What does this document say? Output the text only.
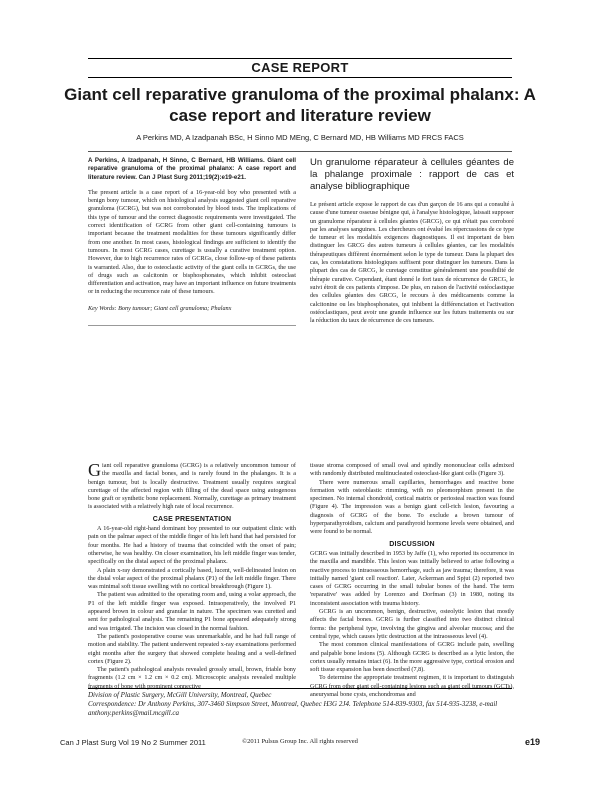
CASE REPORT
Giant cell reparative granuloma of the proximal phalanx: A case report and literature review
A Perkins MD, A Izadpanah BSc, H Sinno MD MEng, C Bernard MD, HB Williams MD FRCS FACS

A Perkins, A Izadpanah, H Sinno, C Bernard, HB Williams. Giant cell reparative granuloma of the proximal phalanx: A case report and literature review. Can J Plast Surg 2011;19(2):e19-e21.

The present article is a case report of a 16-year-old boy who presented with a benign bony tumour, which on histological analysis suggested giant cell reparative granuloma (GCRG), but was not corroborated by blood tests. The implications of this type of tumour and the correct diagnostic requirements were investigated. The correct identification of GCRG from other giant cell-containing tumours is important because the treatment modalities for these tumours significantly differ from one another. In most cases, histological findings are sufficient to identify the tumours. In most GCRG cases, curettage is usually a curative treatment option. However, due to high recurrence rates of GCRGs, close follow-up of these patients is warranted. Also, due to osteoclastic activity of the giant cells in GCRGs, the use of drugs such as calcitonin or bisphosphonates, which inhibit osteoclast differentiation and activation, may have an important influence on future treatments or in reducing the recurrence rate of these tumours.

Key Words: Bony tumour; Giant cell granuloma; Phalanx

Un granulome réparateur à cellules géantes de la phalange proximale : rapport de cas et analyse bibliographique

Le présent article expose le rapport de cas d'un garçon de 16 ans qui a consulté à cause d'une tumeur osseuse bénigne qui, à l'analyse histologique, laissait supposer un granulome réparateur à cellules géantes (GRCG), ce qui n'était pas corroboré par les analyses sanguines. Les chercheurs ont évalué les répercussions de ce type de tumeur et les modalités exigences diagnostiques. Il est important de bien distinguer les GRCG des autres tumeurs à cellules géantes, car les modalités thérapeutiques diffèrent énormément selon le type de tumeur. Dans la plupart des cas, les constatations histologiques suffisent pour distinguer les tumeurs. Dans la plupart des cas de GRCG, le curetage constitue généralement une possibilité de thérapie curative. Cependant, étant donné le fort taux de récurrence de GRCG, le suivi étroit de ces patients s'impose. De plus, en raison de l'activité ostéoclastique des cellules géantes des GRCG, le recours à des médicaments comme la calcitonine ou les bisphosphonates, qui inhibent la différenciation et l'activation ostéoclastiques, peut avoir une grande influence sur les futurs traitements ou sur la réduction du taux de récurrence de ces tumeurs.

Giant cell reparative granuloma (GCRG) is a relatively uncommon tumour of the maxilla and facial bones, and is rarely found in the phalanges. It is a benign tumour, but is locally destructive. Treatment usually requires surgical curettage of the affected region with filling of the dead space using autogenous bone graft or synthetic bone replacement. Normally, curettage as primary treatment is associated with a relatively high rate of local recurrence.

CASE PRESENTATION

A 16-year-old right-hand dominant boy presented to our outpatient clinic with pain on the palmar aspect of the middle finger of his left hand that had persisted for four months. He had a history of trauma that coincided with the onset of pain; otherwise, he was healthy. On closer examination, his left middle finger was tender, specifically on the distal aspect of the proximal phalanx.

A plain x-ray demonstrated a cortically based, lucent, well-delineated lesion on the distal volar aspect of the proximal phalanx (P1) of the left middle finger. There was minimal soft tissue swelling with no cortical breakthrough (Figure 1).

The patient was admitted to the operating room and, using a volar approach, the P1 of the left middle finger was exposed. Intraoperatively, the involved P1 appeared brown in colour and granular in nature. The specimen was curetted and sent for pathological analysis. The remaining P1 bone appeared adequately strong and was irrigated. The incision was closed in the normal fashion.

The patient's postoperative course was unremarkable, and he had full range of motion and stability. The patient underwent repeated x-ray examinations performed eight months after the surgery that showed complete healing and a well-defined cortex (Figure 2).

The patient's pathological analysis revealed grossly small, brown, friable bony fragments (1.2 cm × 1.2 cm × 0.2 cm). Microscopic analysis revealed multiple fragments of bone with prominent connective

tissue stroma composed of small oval and spindly mononuclear cells admixed with randomly distributed multinucleated osteoclast-like giant cells (Figure 3).

There were numerous small capillaries, hemorrhages and reactive bone formation with osteoblastic rimming, with no pleomorphism present in the specimen. No internal chondroid, cortical matrix or periosteal reaction was found (Figure 4). The impression was a benign giant cell-rich lesion, favouring a diagnosis of GCRG of the bone. To exclude a brown tumour of hyperparathyroidism, calcium and parathyroid hormone levels were obtained, and were found to be normal.

DISCUSSION

GCRG was initially described in 1953 by Jaffe (1), who reported its occurrence in the maxilla and mandible. This lesion was initially believed to arise following a reactive process to intraosseous hemorrhage, such as jaw trauma; therefore, it was initially named 'giant cell reaction'. Later, Ackerman and Spjut (2) reported two cases of GCRG occurring in the small tubular bones of the hand. The term 'reparative' was added by Lorenzo and Dorfman (3) in 1980, noting its inconsistent association with trauma history.

GCRG is an uncommon, benign, destructive, osteolytic lesion that mostly affects the facial bones. GCRG is further classified into two distinct clinical forms: the peripheral type, involving the gingiva and alveolar mucosa; and the central type, which causes lytic destruction at the intraosseous level (4).

The most common clinical manifestations of GCRG include pain, swelling and palpable bone lesions (5). Although GCRG is described as a lytic lesion, the cortex usually remains intact (6). In the more aggressive type, cortical erosion and soft tissue expansion has been described (7,8).

To determine the appropriate treatment regimen, it is important to distinguish GCRG from other giant cell-containing lesions such as giant cell tumours (GCTs), aneurysmal bone cysts, enchondromas and

Division of Plastic Surgery, McGill University, Montreal, Quebec
Correspondence: Dr Anthony Perkins, 307-3460 Simpson Street, Montreal, Quebec H3G 2J4. Telephone 514-839-9303, fax 514-935-3238, e-mail anthony.perkins@mail.mcgill.ca
Can J Plast Surg Vol 19 No 2 Summer 2011	©2011 Pulsus Group Inc. All rights reserved	e19
